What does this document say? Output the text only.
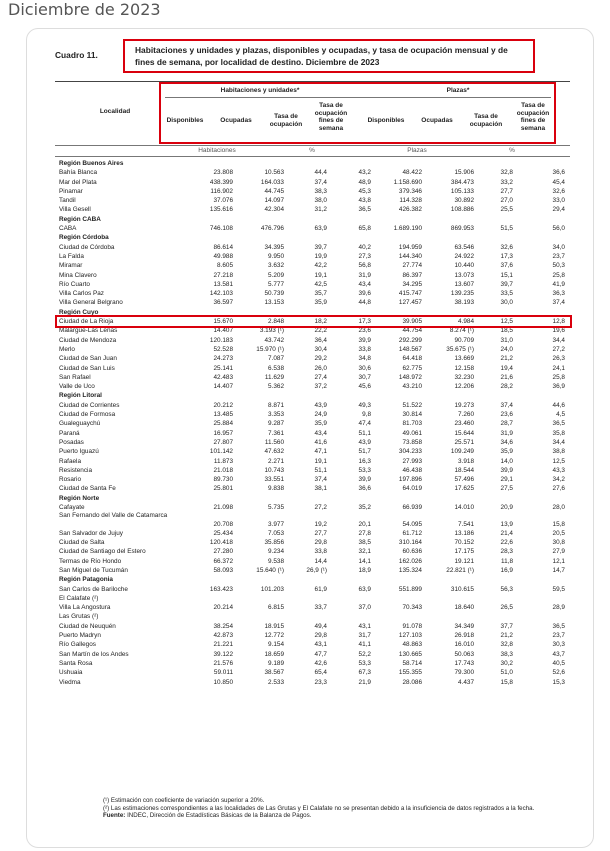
Diciembre de 2023
Cuadro 11.	Habitaciones y unidades y plazas, disponibles y ocupadas, y tasa de ocupación mensual y de fines de semana, por localidad de destino. Diciembre de 2023
Localidad
Habitaciones y unidades*	Plazas*
Disponibles	Ocupadas
Tasa de ocupación
Tasa de ocupación fines de semana
Disponibles	Ocupadas
Tasa de ocupación
Tasa de ocupación fines de semana
Habitaciones	%	Plazas	%
Región Buenos Aires
Bahía Blanca	23.808	10.563	44,4	43,2	48.422	15.906	32,8	36,6
Mar del Plata	438.399	164.033	37,4	48,9	1.158.690	384.473	33,2	45,4
Pinamar	116.902	44.745	38,3	45,3	379.346	105.133	27,7	32,6
Tandil	37.076	14.097	38,0	43,8	114.328	30.892	27,0	33,0
Villa Gesell	135.616	42.304	31,2	36,5	426.382	108.886	25,5	29,4
Región CABA
CABA	746.108	476.796	63,9	65,8	1.689.190	869.953	51,5	56,0
Región Córdoba
Ciudad de Córdoba	86.614	34.395	39,7	40,2	194.959	63.546	32,6	34,0
La Falda	49.988	9.950	19,9	27,3	144.340	24.922	17,3	23,7
Miramar	8.605	3.632	42,2	56,8	27.774	10.440	37,6	50,3
Mina Clavero	27.218	5.209	19,1	31,9	86.397	13.073	15,1	25,8
Río Cuarto	13.581	5.777	42,5	43,4	34.295	13.607	39,7	41,9
Villa Carlos Paz	142.103	50.739	35,7	39,6	415.747	139.235	33,5	36,3
Villa General Belgrano	36.597	13.153	35,9	44,8	127.457	38.193	30,0	37,4
Región Cuyo
Ciudad de La Rioja	15.670	2.848	18,2	17,3	39.905	4.984	12,5	12,8
Malargüe-Las Leñas	14.407	3.193 (¹)	22,2	23,6	44.754	8.274 (¹)	18,5	19,6
Ciudad de Mendoza	120.183	43.742	36,4	39,9	292.299	90.709	31,0	34,4
Merlo	52.528	15.970 (¹)	30,4	33,8	148.567	35.675 (¹)	24,0	27,2
Ciudad de San Juan	24.273	7.087	29,2	34,8	64.418	13.669	21,2	26,3
Ciudad de San Luis	25.141	6.538	26,0	30,6	62.775	12.158	19,4	24,1
San Rafael	42.483	11.629	27,4	30,7	148.972	32.230	21,6	25,8
Valle de Uco	14.407	5.362	37,2	45,6	43.210	12.206	28,2	36,9
Región Litoral
Ciudad de Corrientes	20.212	8.871	43,9	49,3	51.522	19.273	37,4	44,6
Ciudad de Formosa	13.485	3.353	24,9	9,8	30.814	7.260	23,6	4,5
Gualeguaychú	25.884	9.287	35,9	47,4	81.703	23.460	28,7	36,5
Paraná	16.957	7.361	43,4	51,1	49.061	15.644	31,9	35,8
Posadas	27.807	11.560	41,6	43,9	73.858	25.571	34,6	34,4
Puerto Iguazú	101.142	47.632	47,1	51,7	304.233	109.249	35,9	38,8
Rafaela	11.873	2.271	19,1	16,3	27.993	3.918	14,0	12,5
Resistencia	21.018	10.743	51,1	53,3	46.438	18.544	39,9	43,3
Rosario	89.730	33.551	37,4	39,9	197.896	57.496	29,1	34,2
Ciudad de Santa Fe	25.801	9.838	38,1	36,6	64.019	17.625	27,5	27,6
Región Norte
Cafayate	21.098	5.735	27,2	35,2	66.939	14.010	20,9	28,0
San Fernando del Valle de Catamarca
20.708	3.977	19,2	20,1	54.095	7.541	13,9	15,8
San Salvador de Jujuy	25.434	7.053	27,7	27,8	61.712	13.186	21,4	20,5
Ciudad de Salta	120.418	35.856	29,8	38,5	310.164	70.152	22,6	30,8
Ciudad de Santiago del Estero	27.280	9.234	33,8	32,1	60.636	17.175	28,3	27,9
Termas de Río Hondo	66.372	9.538	14,4	14,1	162.026	19.121	11,8	12,1
San Miguel de Tucumán	58.093	15.640 (¹)	26,9 (¹)	18,9	135.324	22.821 (¹)	16,9	14,7
Región Patagonia
San Carlos de Bariloche	163.423	101.203	61,9	63,9	551.899	310.615	56,3	59,5
El Calafate (²)
Villa La Angostura	20.214	6.815	33,7	37,0	70.343	18.640	26,5	28,9
Las Grutas (²)
Ciudad de Neuquén	38.254	18.915	49,4	43,1	91.078	34.349	37,7	36,5
Puerto Madryn	42.873	12.772	29,8	31,7	127.103	26.918	21,2	23,7
Río Gallegos	21.221	9.154	43,1	41,1	48.863	16.010	32,8	30,3
San Martín de los Andes	39.122	18.659	47,7	52,2	130.665	50.063	38,3	43,7
Santa Rosa	21.576	9.189	42,6	53,3	58.714	17.743	30,2	40,5
Ushuaia	59.011	38.567	65,4	67,3	155.355	79.300	51,0	52,6
Viedma	10.850	2.533	23,3	21,9	28.086	4.437	15,8	15,3
(¹) Estimación con coeficiente de variación superior a 20%.
(²) Las estimaciones correspondientes a las localidades de Las Grutas y El Calafate no se presentan debido a la insuficiencia de datos registrados a la fecha.
Fuente: INDEC, Dirección de Estadísticas Básicas de la Balanza de Pagos.
